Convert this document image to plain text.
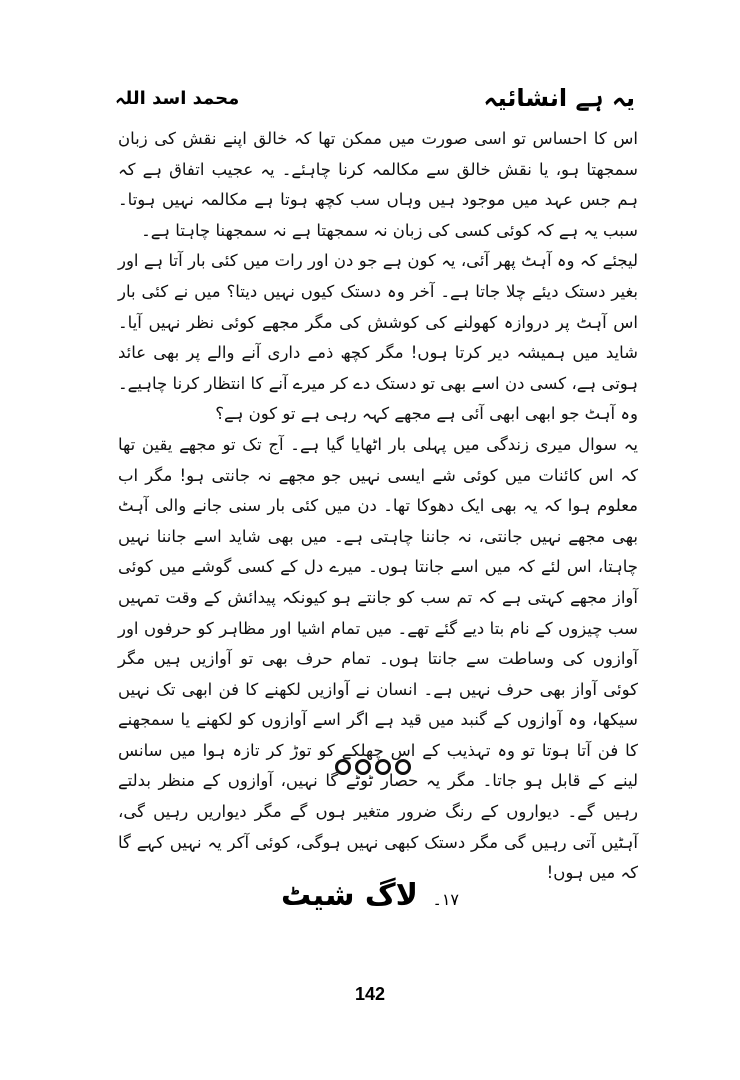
یہ ہے انشائیہ
محمد اسد اللہ

اس کا احساس تو اسی صورت میں ممکن تھا کہ خالق اپنے نقش کی زبان سمجھتا ہو، یا نقش خالق سے مکالمہ کرنا چاہئے۔ یہ عجیب اتفاق ہے کہ ہم جس عہد میں موجود ہیں وہاں سب کچھ ہوتا ہے مکالمہ نہیں ہوتا۔ سبب یہ ہے کہ کوئی کسی کی زبان نہ سمجھتا ہے نہ سمجھنا چاہتا ہے۔

لیجئے کہ وہ آہٹ پھر آئی، یہ کون ہے جو دن اور رات میں کئی بار آتا ہے اور بغیر دستک دیئے چلا جاتا ہے۔ آخر وہ دستک کیوں نہیں دیتا؟ میں نے کئی بار اس آہٹ پر دروازہ کھولنے کی کوشش کی مگر مجھے کوئی نظر نہیں آیا۔ شاید میں ہمیشہ دیر کرتا ہوں! مگر کچھ ذمے داری آنے والے پر بھی عائد ہوتی ہے، کسی دن اسے بھی تو دستک دے کر میرے آنے کا انتظار کرنا چاہیے۔ وہ آہٹ جو ابھی ابھی آئی ہے مجھے کہہ رہی ہے تو کون ہے؟

یہ سوال میری زندگی میں پہلی بار اٹھایا گیا ہے۔ آج تک تو مجھے یقین تھا کہ اس کائنات میں کوئی شے ایسی نہیں جو مجھے نہ جانتی ہو! مگر اب معلوم ہوا کہ یہ بھی ایک دھوکا تھا۔ دن میں کئی بار سنی جانے والی آہٹ بھی مجھے نہیں جانتی، نہ جاننا چاہتی ہے۔ میں بھی شاید اسے جاننا نہیں چاہتا، اس لئے کہ میں اسے جانتا ہوں۔ میرے دل کے کسی گوشے میں کوئی آواز مجھے کہتی ہے کہ تم سب کو جانتے ہو کیونکہ پیدائش کے وقت تمہیں سب چیزوں کے نام بتا دیے گئے تھے۔ میں تمام اشیا اور مظاہر کو حرفوں اور آوازوں کی وساطت سے جانتا ہوں۔ تمام حرف بھی تو آوازیں ہیں مگر کوئی آواز بھی حرف نہیں ہے۔ انسان نے آوازیں لکھنے کا فن ابھی تک نہیں سیکھا، وہ آوازوں کے گنبد میں قید ہے اگر اسے آوازوں کو لکھنے یا سمجھنے کا فن آتا ہوتا تو وہ تہذیب کے اس چھلکے کو توڑ کر تازہ ہوا میں سانس لینے کے قابل ہو جاتا۔ مگر یہ حصار ٹوٹے گا نہیں، آوازوں کے منظر بدلتے رہیں گے۔ دیواروں کے رنگ ضرور متغیر ہوں گے مگر دیواریں رہیں گی، آہٹیں آتی رہیں گی مگر دستک کبھی نہیں ہوگی، کوئی آکر یہ نہیں کہے گا کہ میں ہوں!

۱۷۔ لاگ شیٹ
142
